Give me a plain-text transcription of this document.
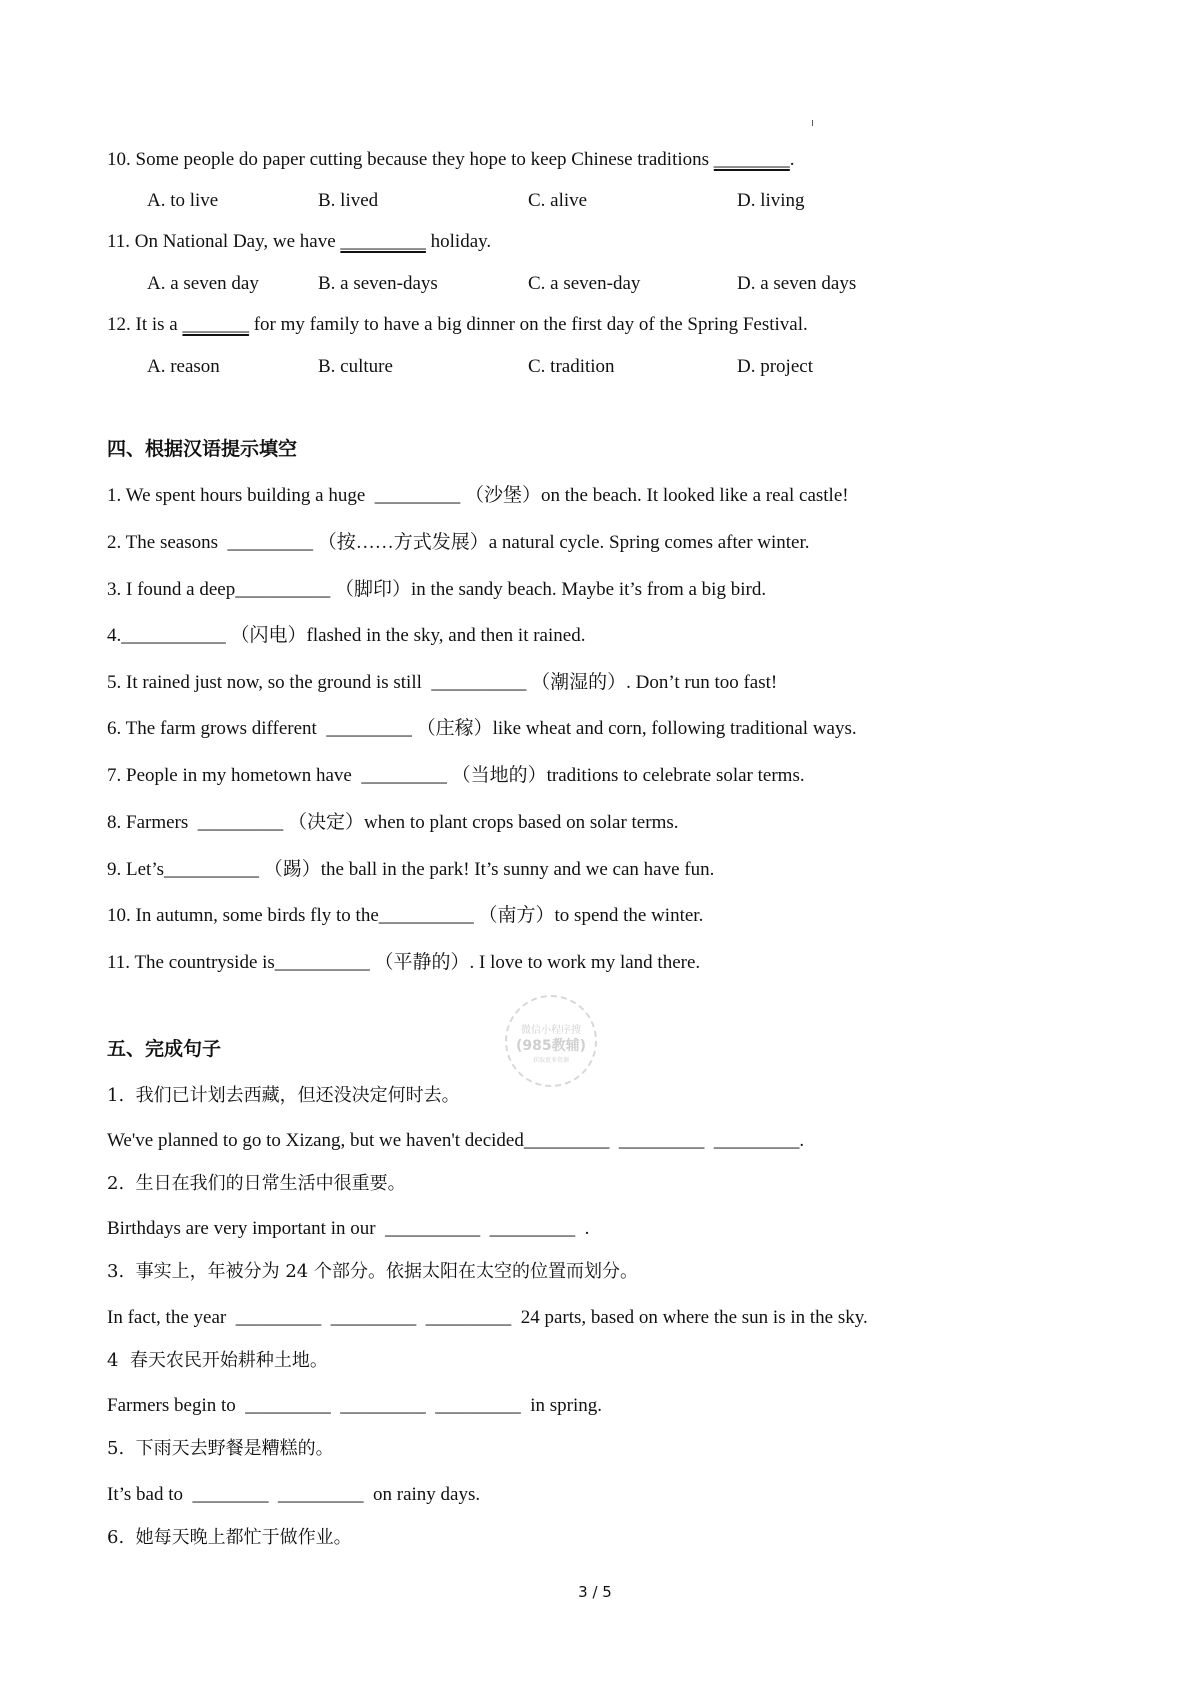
10. Some people do paper cutting because they hope to keep Chinese traditions ________.
A. to live	B. lived	C. alive	D. living
11. On National Day, we have _________ holiday.
A. a seven day	B. a seven-days	C. a seven-day	D. a seven days
12. It is a _______ for my family to have a big dinner on the first day of the Spring Festival.
A. reason	B. culture	C. tradition	D. project
四、根据汉语提示填空
1. We spent hours building a huge  _________ （沙堡）on the beach. It looked like a real castle!
2. The seasons  _________ （按……方式发展）a natural cycle. Spring comes after winter.
3. I found a deep__________ （脚印）in the sandy beach. Maybe it’s from a big bird.
4.___________ （闪电）flashed in the sky, and then it rained.
5. It rained just now, so the ground is still  __________ （潮湿的）. Don’t run too fast!
6. The farm grows different  _________ （庄稼）like wheat and corn, following traditional ways.
7. People in my hometown have  _________ （当地的）traditions to celebrate solar terms.
8. Farmers  _________ （决定）when to plant crops based on solar terms.
9. Let’s__________ （踢）the ball in the park! It’s sunny and we can have fun.
10. In autumn, some birds fly to the__________ （南方）to spend the winter.
11. The countryside is__________ （平静的）. I love to work my land there.
五、完成句子
1.  我们已计划去西藏，但还没决定何时去。
We've planned to go to Xizang, but we haven't decided_________  _________  _________.
2.  生日在我们的日常生活中很重要。
Birthdays are very important in our  __________  _________  .
3.  事实上，年被分为 24 个部分。依据太阳在太空的位置而划分。
In fact, the year  _________  _________  _________  24 parts, based on where the sun is in the sky.
4  春天农民开始耕种土地。
Farmers begin to  _________  _________  _________  in spring.
5.  下雨天去野餐是糟糕的。
It’s bad to  ________  _________  on rainy days.
6.  她每天晚上都忙于做作业。
微信小程序搜
(985教辅)
获取更多资源
3 / 5
